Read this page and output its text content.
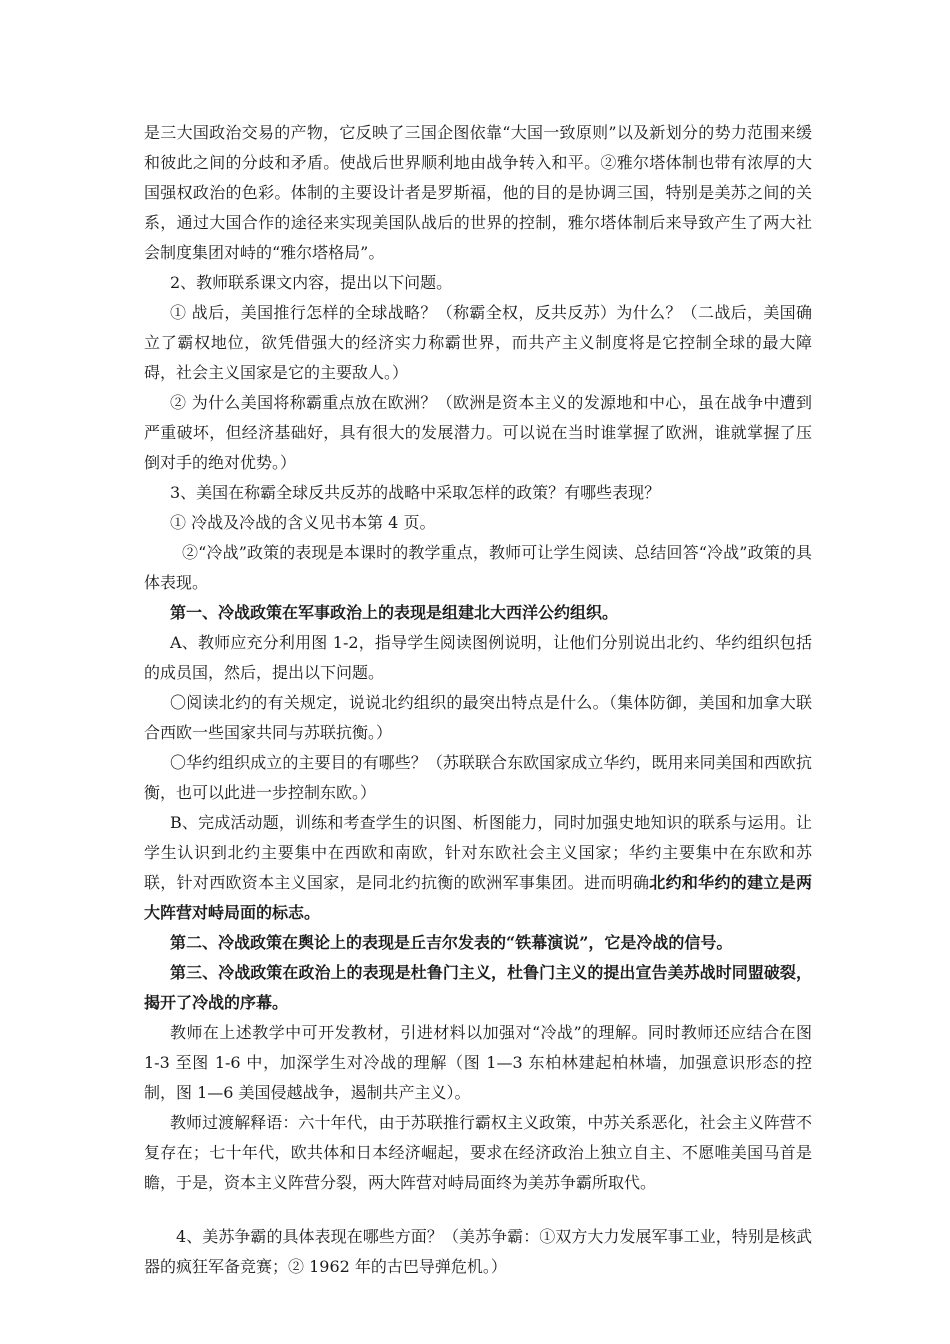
是三大国政治交易的产物，它反映了三国企图依靠“大国一致原则”以及新划分的势力范围来缓和彼此之间的分歧和矛盾。使战后世界顺利地由战争转入和平。②雅尔塔体制也带有浓厚的大国强权政治的色彩。体制的主要设计者是罗斯福，他的目的是协调三国，特别是美苏之间的关系，通过大国合作的途径来实现美国队战后的世界的控制，雅尔塔体制后来导致产生了两大社会制度集团对峙的“雅尔塔格局”。

2、教师联系课文内容，提出以下问题。

① 战后，美国推行怎样的全球战略？（称霸全权，反共反苏）为什么？（二战后，美国确立了霸权地位，欲凭借强大的经济实力称霸世界，而共产主义制度将是它控制全球的最大障碍，社会主义国家是它的主要敌人。）

② 为什么美国将称霸重点放在欧洲？（欧洲是资本主义的发源地和中心，虽在战争中遭到严重破坏，但经济基础好，具有很大的发展潜力。可以说在当时谁掌握了欧洲，谁就掌握了压倒对手的绝对优势。）

3、美国在称霸全球反共反苏的战略中采取怎样的政策？有哪些表现？

① 冷战及冷战的含义见书本第 4 页。

②“冷战”政策的表现是本课时的教学重点，教师可让学生阅读、总结回答“冷战”政策的具体表现。

第一、冷战政策在军事政治上的表现是组建北大西洋公约组织。

A、教师应充分利用图 1-2，指导学生阅读图例说明，让他们分别说出北约、华约组织包括的成员国，然后，提出以下问题。

〇阅读北约的有关规定，说说北约组织的最突出特点是什么。（集体防御，美国和加拿大联合西欧一些国家共同与苏联抗衡。）

〇华约组织成立的主要目的有哪些？（苏联联合东欧国家成立华约，既用来同美国和西欧抗衡，也可以此进一步控制东欧。）

B、完成活动题，训练和考查学生的识图、析图能力，同时加强史地知识的联系与运用。让学生认识到北约主要集中在西欧和南欧，针对东欧社会主义国家；华约主要集中在东欧和苏联，针对西欧资本主义国家，是同北约抗衡的欧洲军事集团。进而明确北约和华约的建立是两大阵营对峙局面的标志。

第二、冷战政策在舆论上的表现是丘吉尔发表的“铁幕演说”，它是冷战的信号。

第三、冷战政策在政治上的表现是杜鲁门主义，杜鲁门主义的提出宣告美苏战时同盟破裂，揭开了冷战的序幕。

教师在上述教学中可开发教材，引进材料以加强对“冷战”的理解。同时教师还应结合在图 1-3 至图 1-6 中，加深学生对冷战的理解（图 1—3 东柏林建起柏林墙，加强意识形态的控制，图 1—6 美国侵越战争，遏制共产主义）。

教师过渡解释语：六十年代，由于苏联推行霸权主义政策，中苏关系恶化，社会主义阵营不复存在；七十年代，欧共体和日本经济崛起，要求在经济政治上独立自主、不愿唯美国马首是瞻，于是，资本主义阵营分裂，两大阵营对峙局面终为美苏争霸所取代。

4、美苏争霸的具体表现在哪些方面？（美苏争霸：①双方大力发展军事工业，特别是核武器的疯狂军备竞赛；② 1962 年的古巴导弹危机。）
